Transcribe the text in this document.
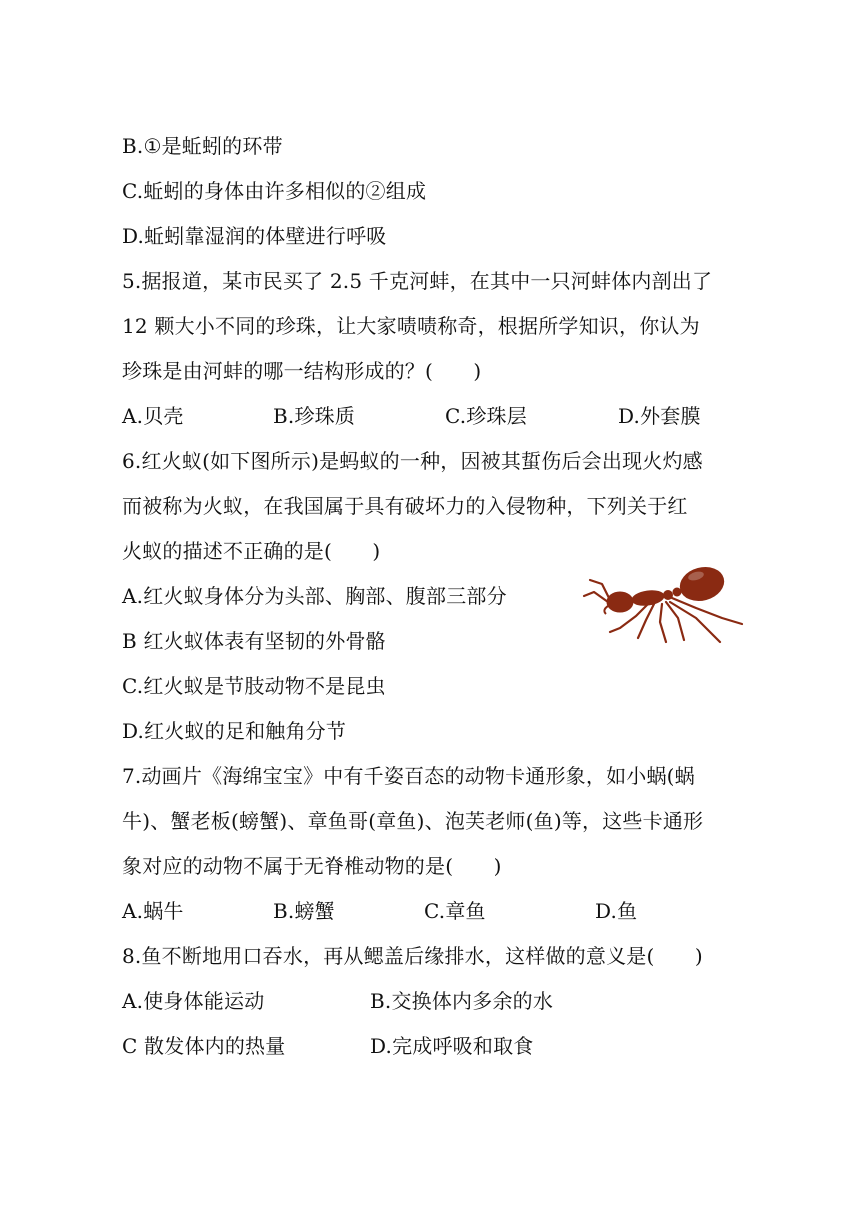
B.①是蚯蚓的环带
C.蚯蚓的身体由许多相似的②组成
D.蚯蚓靠湿润的体壁进行呼吸
5.据报道，某市民买了 2.5 千克河蚌，在其中一只河蚌体内剖出了
12 颗大小不同的珍珠，让大家啧啧称奇，根据所学知识，你认为
珍珠是由河蚌的哪一结构形成的？(　　)
A.贝壳	B.珍珠质	C.珍珠层	D.外套膜
6.红火蚁(如下图所示)是蚂蚁的一种，因被其蜇伤后会出现火灼感
而被称为火蚁，在我国属于具有破坏力的入侵物种，下列关于红
火蚁的描述不正确的是(　　)
A.红火蚁身体分为头部、胸部、腹部三部分
B 红火蚁体表有坚韧的外骨骼
C.红火蚁是节肢动物不是昆虫
D.红火蚁的足和触角分节
7.动画片《海绵宝宝》中有千姿百态的动物卡通形象，如小蜗(蜗
牛)、蟹老板(螃蟹)、章鱼哥(章鱼)、泡芙老师(鱼)等，这些卡通形
象对应的动物不属于无脊椎动物的是(　　)
A.蜗牛	B.螃蟹	C.章鱼	D.鱼
8.鱼不断地用口吞水，再从鳃盖后缘排水，这样做的意义是(　　)
A.使身体能运动	B.交换体内多余的水
C 散发体内的热量	D.完成呼吸和取食
